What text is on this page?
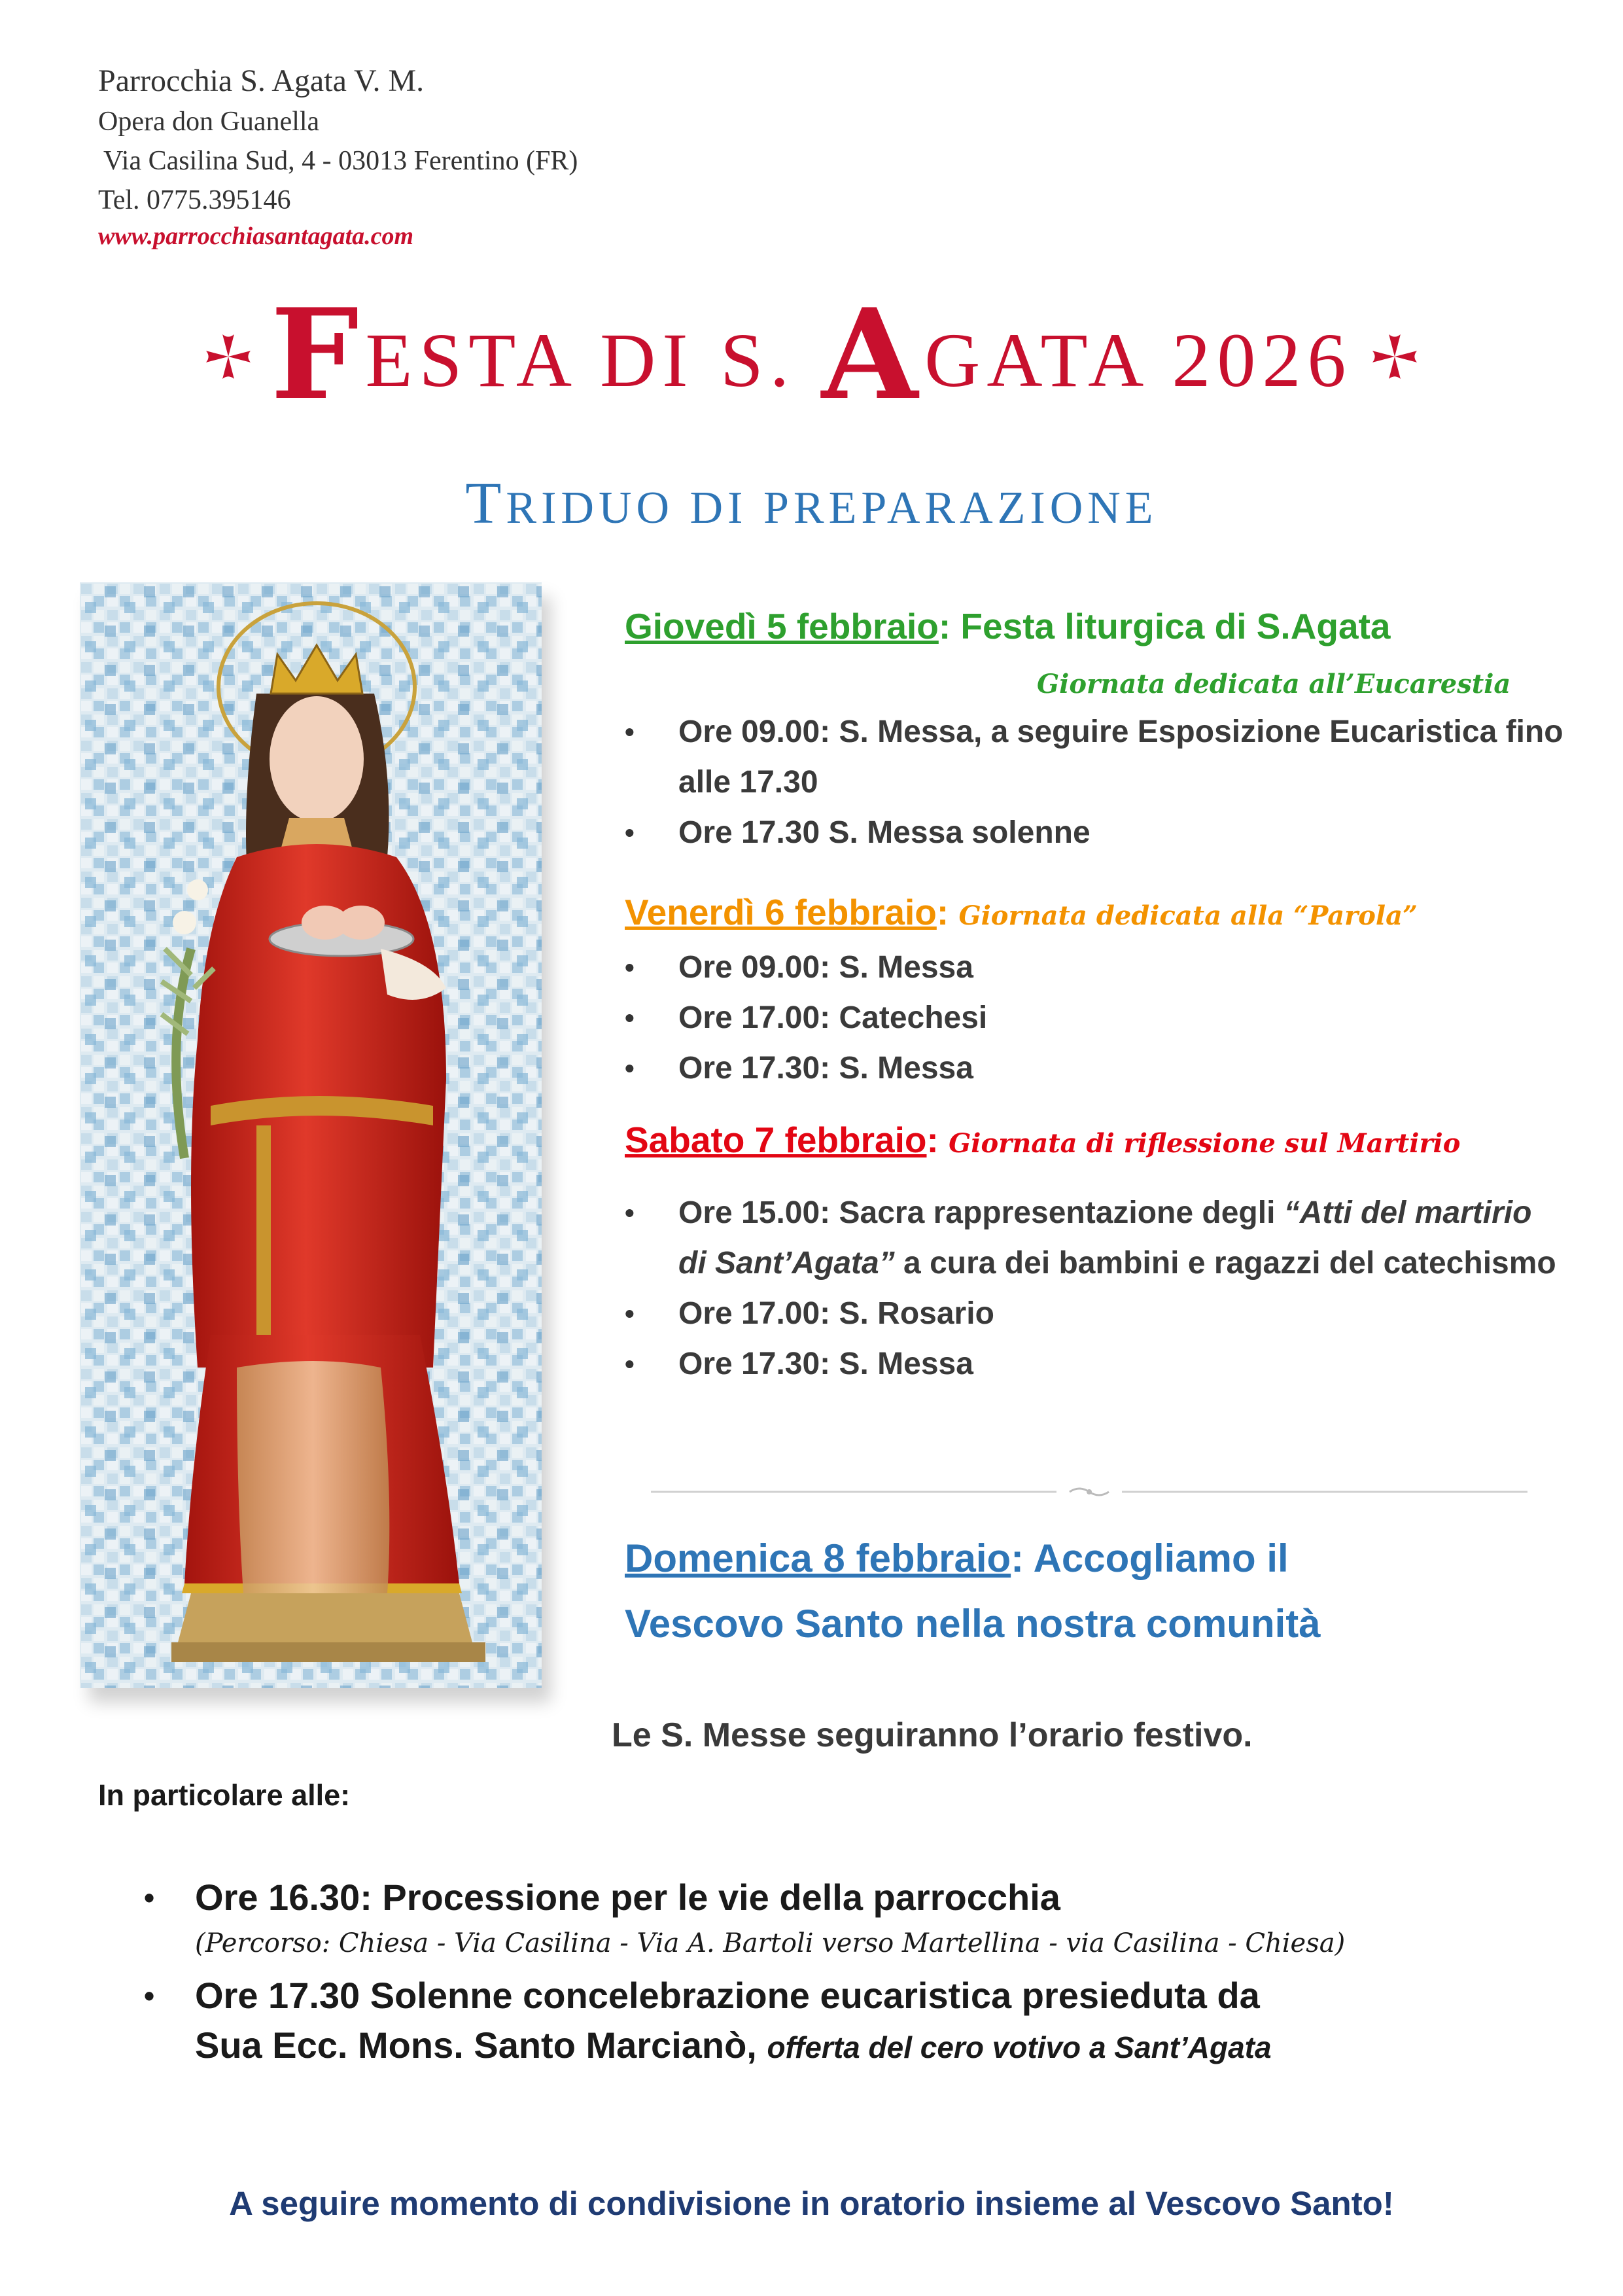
Parrocchia S. Agata V. M.
Opera don Guanella
Via Casilina Sud, 4 - 03013 Ferentino (FR)
Tel. 0775.395146
www.parrocchiasantagata.com
FESTA DI S. AGATA 2026
TRIDUO DI PREPARAZIONE
Giovedì 5 febbraio: Festa liturgica di S.Agata
Giornata dedicata all’Eucarestia
• Ore 09.00: S. Messa, a seguire Esposizione Eucaristica fino alle 17.30
• Ore 17.30 S. Messa solenne
Venerdì 6 febbraio: Giornata dedicata alla “Parola”
• Ore 09.00: S. Messa
• Ore 17.00: Catechesi
• Ore 17.30: S. Messa
Sabato 7 febbraio: Giornata di riflessione sul Martirio
• Ore 15.00: Sacra rappresentazione degli “Atti del martirio di Sant’Agata” a cura dei bambini e ragazzi del catechismo
• Ore 17.00: S. Rosario
• Ore 17.30: S. Messa
Domenica 8 febbraio: Accogliamo il
Vescovo Santo nella nostra comunità
Le S. Messe seguiranno l’orario festivo.
In particolare alle:
• Ore 16.30: Processione per le vie della parrocchia
(Percorso: Chiesa - Via Casilina - Via A. Bartoli verso Martellina - via Casilina - Chiesa)
• Ore 17.30 Solenne concelebrazione eucaristica presieduta da
Sua Ecc. Mons. Santo Marcianò, offerta del cero votivo a Sant’Agata
A seguire momento di condivisione in oratorio insieme al Vescovo Santo!
